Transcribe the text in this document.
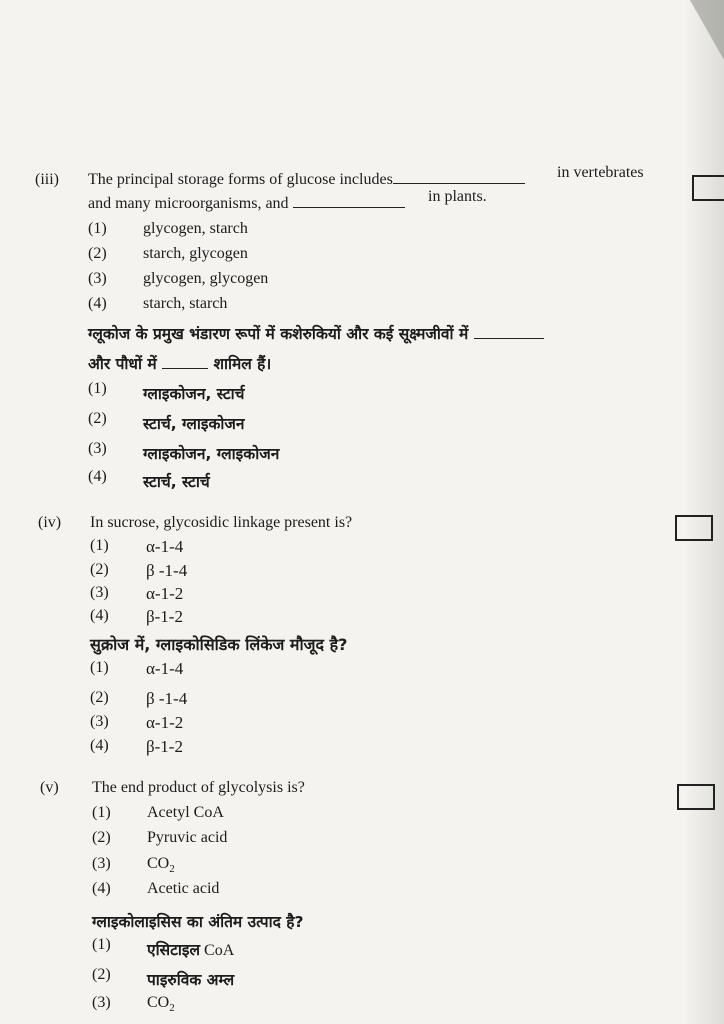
(iii) The principal storage forms of glucose includes	in vertebrates
and many microorganisms, and	in plants.
(1) glycogen, starch
(2) starch, glycogen
(3) glycogen, glycogen
(4) starch, starch
ग्लूकोज के प्रमुख भंडारण रूपों में कशेरुकियों और कई सूक्ष्मजीवों में
और पौधों में	शामिल हैं।
(1) ग्लाइकोजन, स्टार्च
(2) स्टार्च, ग्लाइकोजन
(3) ग्लाइकोजन, ग्लाइकोजन
(4) स्टार्च, स्टार्च
(iv) In sucrose, glycosidic linkage present is?
(1) α-1-4
(2) β -1-4
(3) α-1-2
(4) β-1-2
सुक्रोज में, ग्लाइकोसिडिक लिंकेज मौजूद है?
(1) α-1-4
(2) β -1-4
(3) α-1-2
(4) β-1-2
(v) The end product of glycolysis is?
(1) Acetyl CoA
(2) Pyruvic acid
(3) $CO_2$
(4) Acetic acid
ग्लाइकोलाइसिस का अंतिम उत्पाद है?
(1) एसिटाइल CoA
(2) पाइरुविक अम्ल
(3) $CO_2$
